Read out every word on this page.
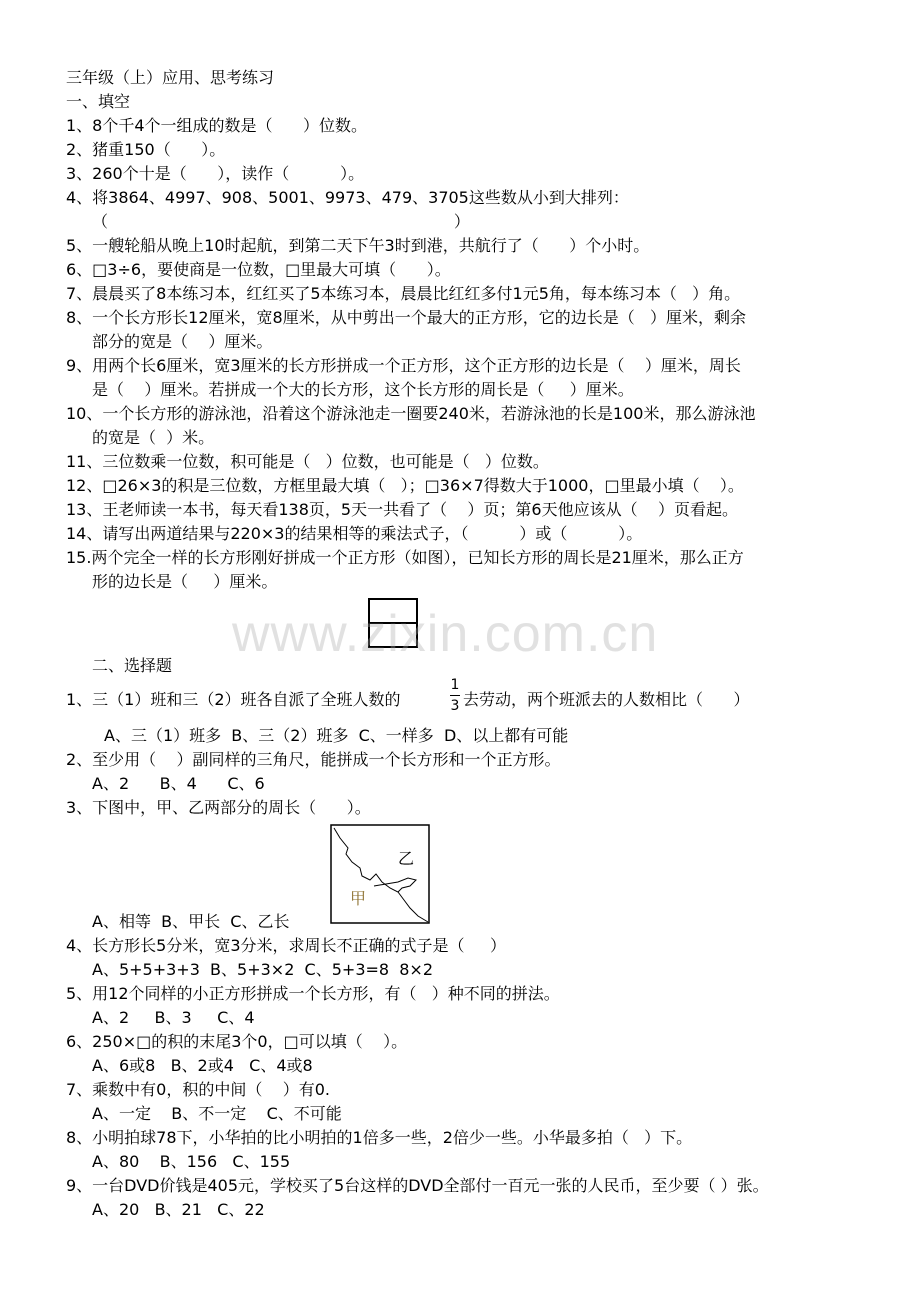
三年级（上）应用、思考练习
一、填空
1、8个千4个一组成的数是（      ）位数。
2、猪重150（      ）。
3、260个十是（      ），读作（          ）。
4、将3864、4997、908、5001、9973、479、3705这些数从小到大排列：
（                                                                    ）
5、一艘轮船从晚上10时起航，到第二天下午3时到港，共航行了（      ）个小时。
6、□3÷6，要使商是一位数，□里最大可填（      ）。
7、晨晨买了8本练习本，红红买了5本练习本，晨晨比红红多付1元5角，每本练习本（   ）角。
8、一个长方形长12厘米，宽8厘米，从中剪出一个最大的正方形，它的边长是（   ）厘米，剩余
部分的宽是（    ）厘米。
9、用两个长6厘米，宽3厘米的长方形拼成一个正方形，这个正方形的边长是（    ）厘米，周长
是（    ）厘米。若拼成一个大的长方形，这个长方形的周长是（     ）厘米。
10、一个长方形的游泳池，沿着这个游泳池走一圈要240米，若游泳池的长是100米，那么游泳池
的宽是（  ）米。
11、三位数乘一位数，积可能是（   ）位数，也可能是（   ）位数。
12、□26×3的积是三位数，方框里最大填（   ）；□36×7得数大于1000，□里最小填（    ）。
13、王老师读一本书，每天看138页，5天一共看了（    ）页；第6天他应该从（    ）页看起。
14、请写出两道结果与220×3的结果相等的乘法式子，（          ）或（          ）。
15.两个完全一样的长方形刚好拼成一个正方形（如图），已知长方形的周长是21厘米，那么正方
形的边长是（     ）厘米。
www.zixin.com.cn
二、选择题
1、三（1）班和三（2）班各自派了全班人数的
1
3 去劳动，两个班派去的人数相比（      ）
A、三（1）班多  B、三（2）班多  C、一样多  D、以上都有可能
2、至少用（    ）副同样的三角尺，能拼成一个长方形和一个正方形。
A、2      B、4      C、6
3、下图中，甲、乙两部分的周长（      ）。
甲
乙
A、相等  B、甲长  C、乙长
4、长方形长5分米，宽3分米，求周长不正确的式子是（     ）
A、5+5+3+3  B、5+3×2  C、5+3=8  8×2
5、用12个同样的小正方形拼成一个长方形，有（   ）种不同的拼法。
A、2     B、3     C、4
6、250×□的积的末尾3个0，□可以填（    ）。
A、6或8   B、2或4   C、4或8
7、乘数中有0，积的中间（    ）有0.
A、一定    B、不一定    C、不可能
8、小明拍球78下，小华拍的比小明拍的1倍多一些，2倍少一些。小华最多拍（   ）下。
A、80    B、156   C、155
9、一台DVD价钱是405元，学校买了5台这样的DVD全部付一百元一张的人民币，至少要（ ）张。
A、20   B、21   C、22
